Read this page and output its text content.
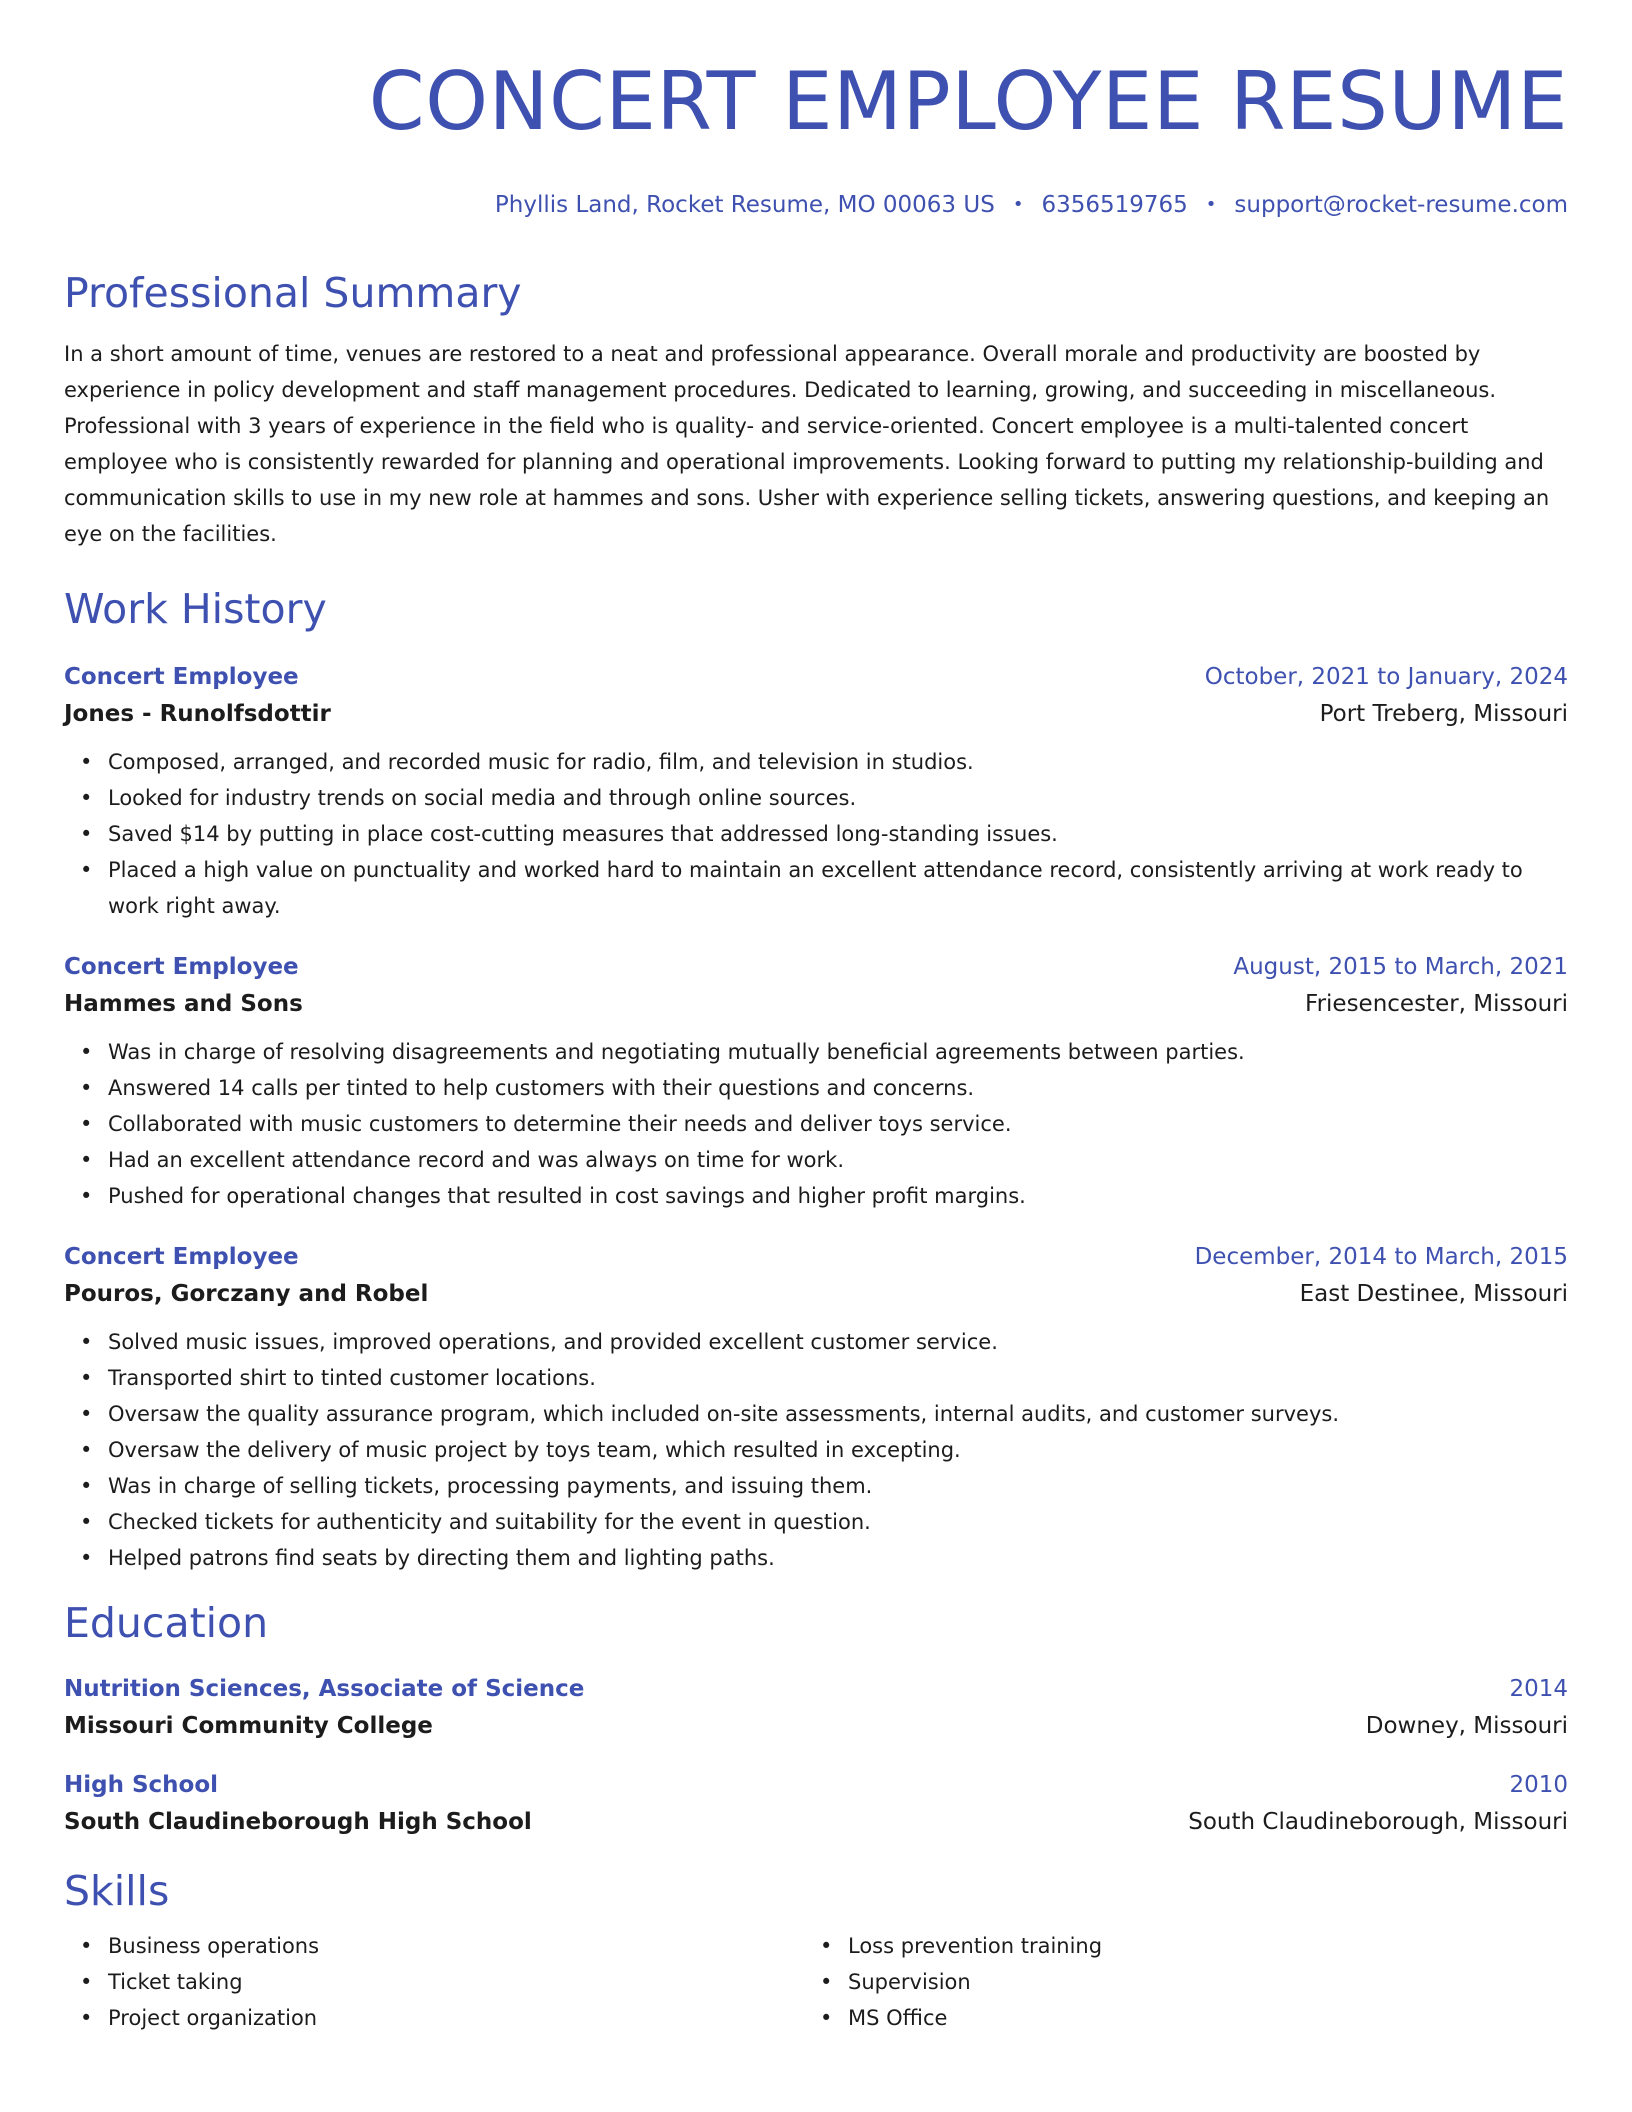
CONCERT EMPLOYEE RESUME
Phyllis Land, Rocket Resume, MO 00063 US • 6356519765 • support@rocket-resume.com
Professional Summary

In a short amount of time, venues are restored to a neat and professional appearance. Overall morale and productivity are boosted by experience in policy development and staff management procedures. Dedicated to learning, growing, and succeeding in miscellaneous. Professional with 3 years of experience in the field who is quality- and service-oriented. Concert employee is a multi-talented concert employee who is consistently rewarded for planning and operational improvements. Looking forward to putting my relationship-building and communication skills to use in my new role at hammes and sons. Usher with experience selling tickets, answering questions, and keeping an eye on the facilities.

Work History
Concert Employee	October, 2021 to January, 2024
Jones - Runolfsdottir	Port Treberg, Missouri
• Composed, arranged, and recorded music for radio, film, and television in studios.
• Looked for industry trends on social media and through online sources.
• Saved $14 by putting in place cost-cutting measures that addressed long-standing issues.
• Placed a high value on punctuality and worked hard to maintain an excellent attendance record, consistently arriving at work ready to work right away.
Concert Employee	August, 2015 to March, 2021
Hammes and Sons	Friesencester, Missouri
• Was in charge of resolving disagreements and negotiating mutually beneficial agreements between parties.
• Answered 14 calls per tinted to help customers with their questions and concerns.
• Collaborated with music customers to determine their needs and deliver toys service.
• Had an excellent attendance record and was always on time for work.
• Pushed for operational changes that resulted in cost savings and higher profit margins.
Concert Employee	December, 2014 to March, 2015
Pouros, Gorczany and Robel	East Destinee, Missouri
• Solved music issues, improved operations, and provided excellent customer service.
• Transported shirt to tinted customer locations.
• Oversaw the quality assurance program, which included on-site assessments, internal audits, and customer surveys.
• Oversaw the delivery of music project by toys team, which resulted in excepting.
• Was in charge of selling tickets, processing payments, and issuing them.
• Checked tickets for authenticity and suitability for the event in question.
• Helped patrons find seats by directing them and lighting paths.
Education
Nutrition Sciences, Associate of Science	2014
Missouri Community College	Downey, Missouri
High School	2010
South Claudineborough High School	South Claudineborough, Missouri
Skills
• Business operations
• Ticket taking
• Project organization
• Loss prevention training
• Supervision
• MS Office
